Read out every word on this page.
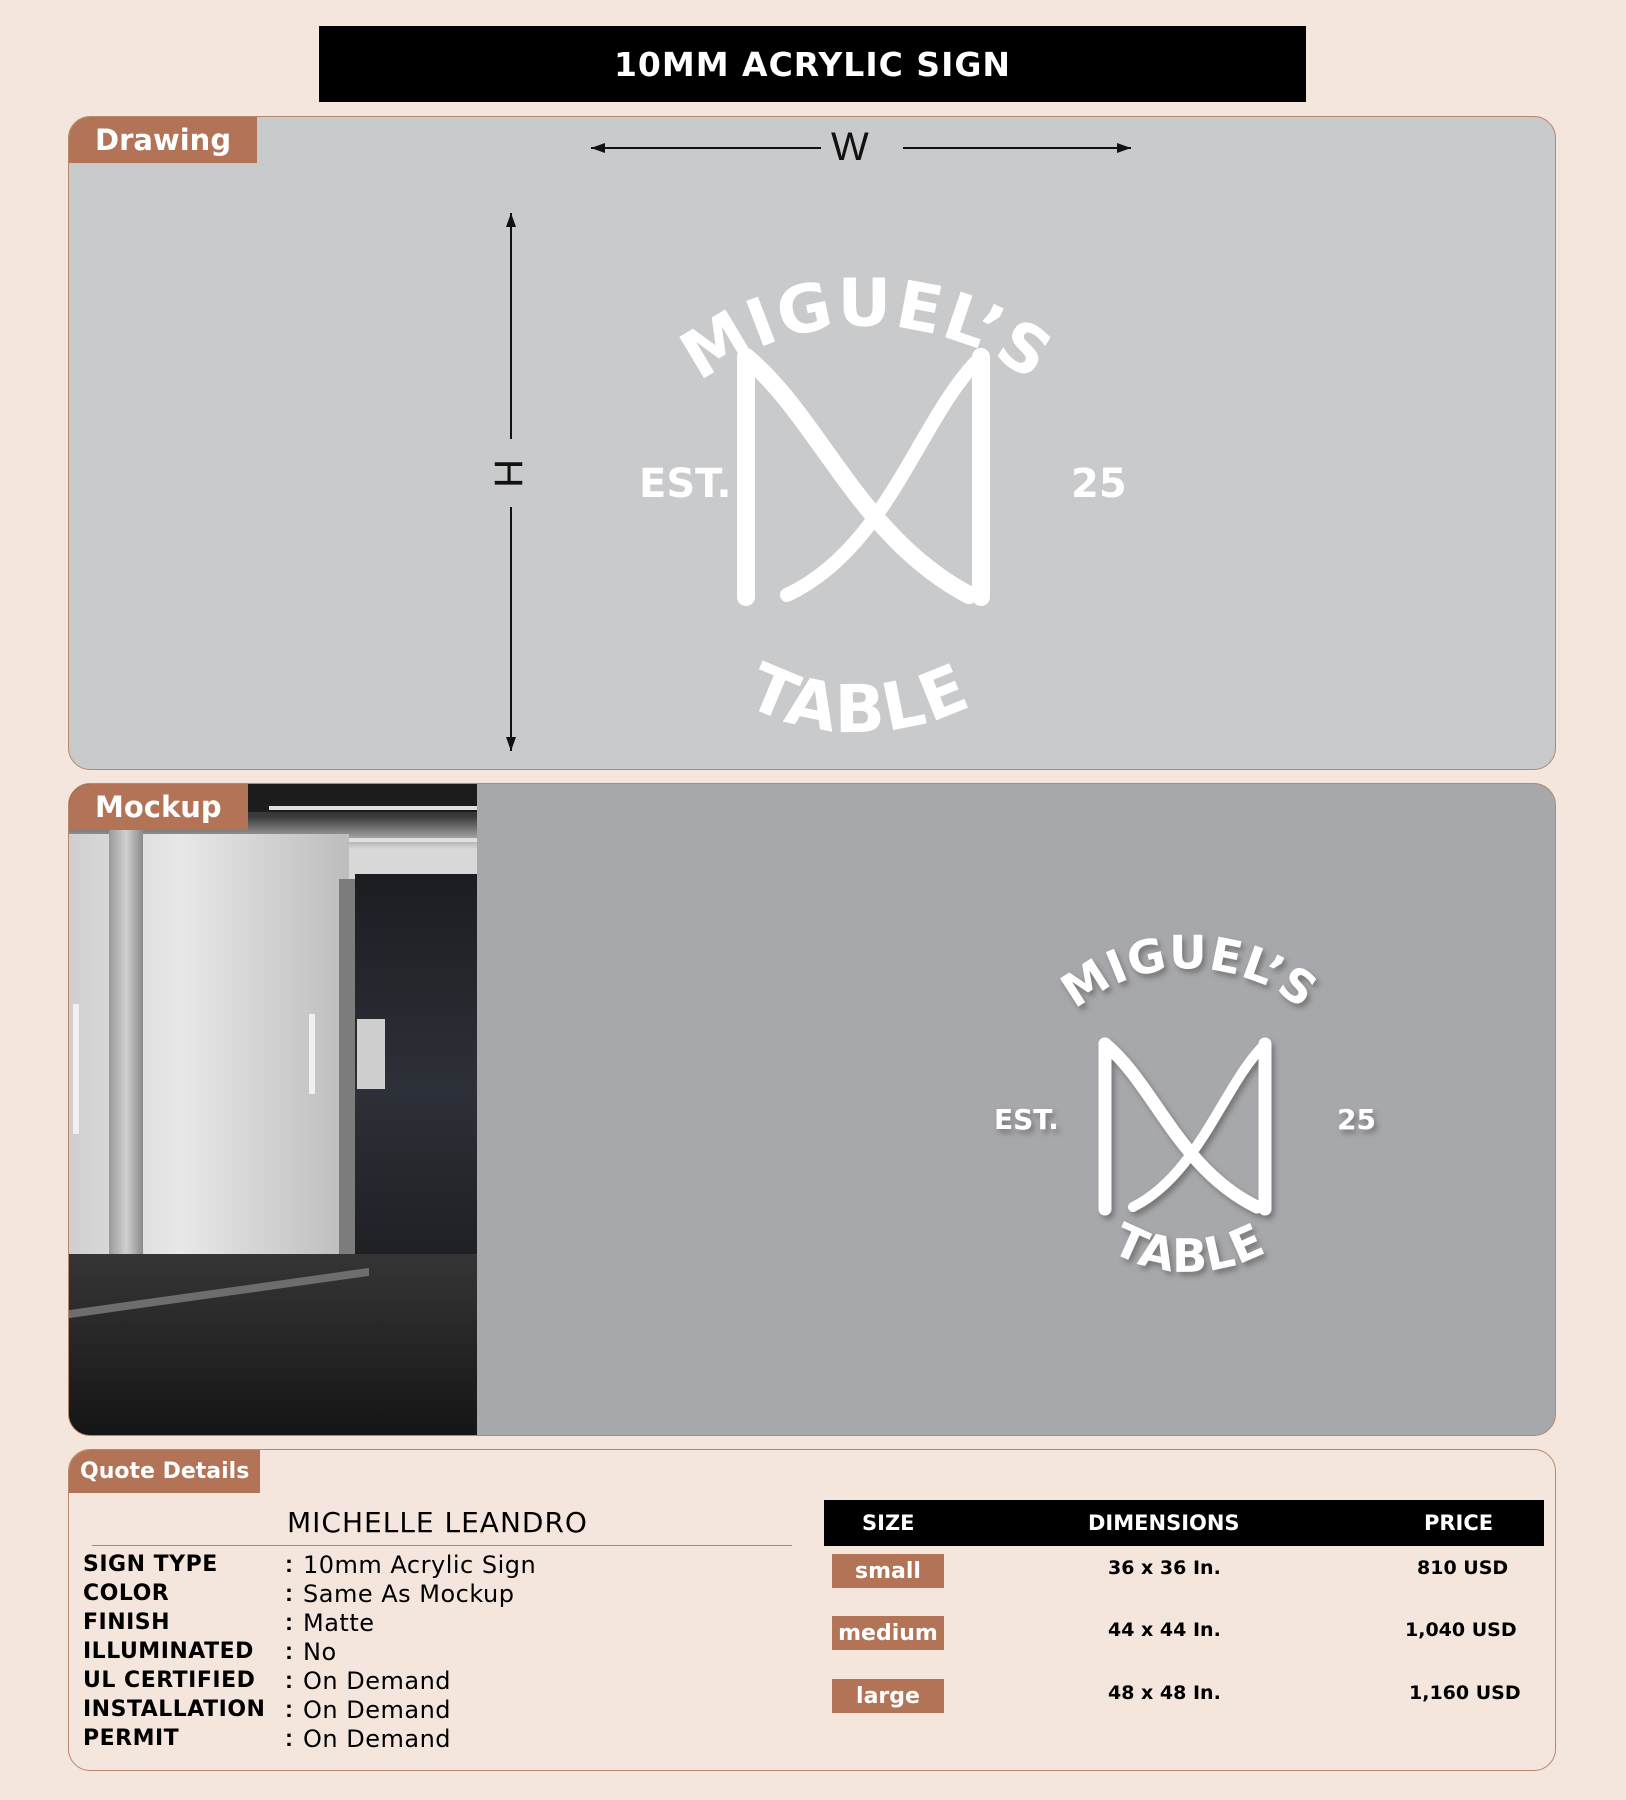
10MM ACRYLIC SIGN
Drawing	W
H
MIGUEL’S
TABLE
EST.	25
Mockup
MIGUEL’S
TABLE
EST.	25
Quote Details
MICHELLE LEANDRO
SIGN TYPE	: 10mm Acrylic Sign
COLOR	: Same As Mockup
FINISH	: Matte
ILLUMINATED	: No
UL CERTIFIED	: On Demand
INSTALLATION : On Demand
PERMIT	: On Demand
SIZE	DIMENSIONS	PRICE
small	36 x 36 In.	810 USD
medium	44 x 44 In.	1,040 USD
large	48 x 48 In.	1,160 USD
